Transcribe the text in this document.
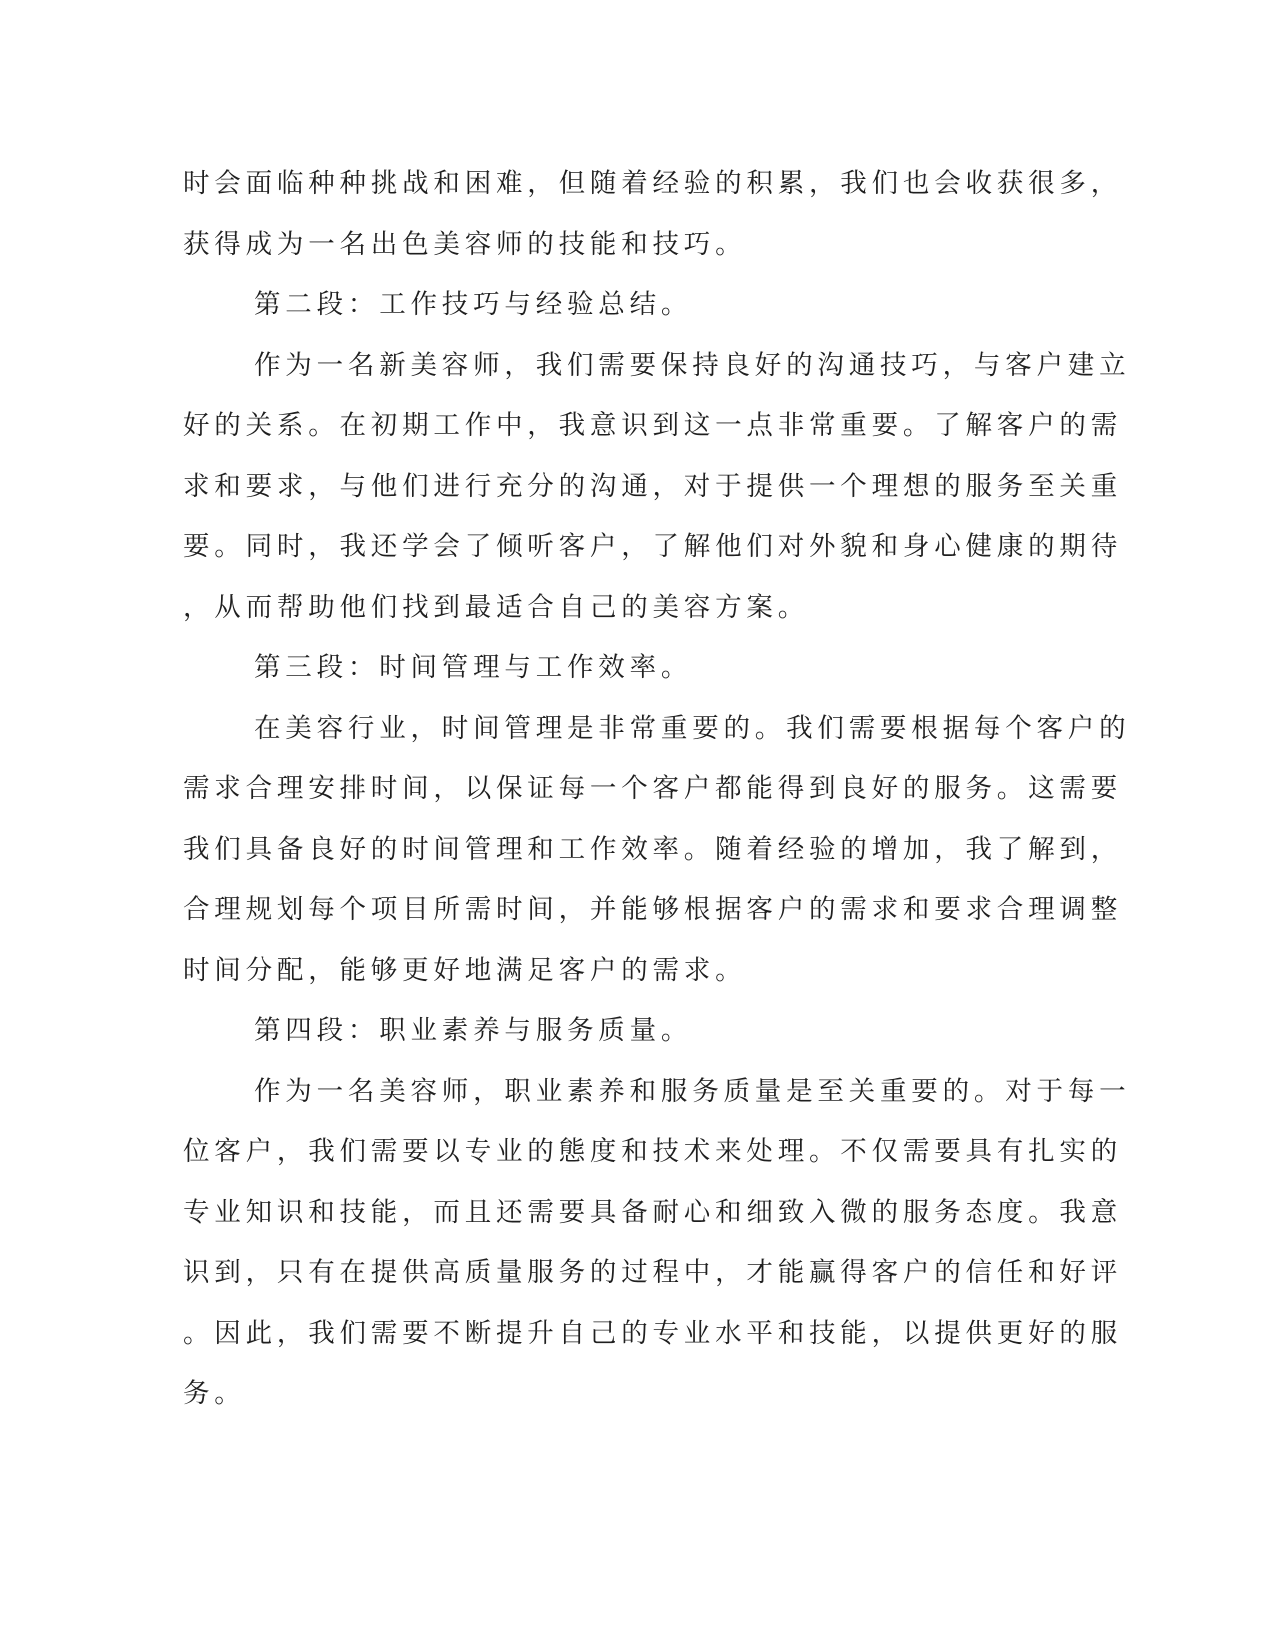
时会面临种种挑战和困难，但随着经验的积累，我们也会收获很多，
获得成为一名出色美容师的技能和技巧。
第二段：工作技巧与经验总结。
作为一名新美容师，我们需要保持良好的沟通技巧，与客户建立
好的关系。在初期工作中，我意识到这一点非常重要。了解客户的需
求和要求，与他们进行充分的沟通，对于提供一个理想的服务至关重
要。同时，我还学会了倾听客户，了解他们对外貌和身心健康的期待
，从而帮助他们找到最适合自己的美容方案。
第三段：时间管理与工作效率。
在美容行业，时间管理是非常重要的。我们需要根据每个客户的
需求合理安排时间，以保证每一个客户都能得到良好的服务。这需要
我们具备良好的时间管理和工作效率。随着经验的增加，我了解到，
合理规划每个项目所需时间，并能够根据客户的需求和要求合理调整
时间分配，能够更好地满足客户的需求。
第四段：职业素养与服务质量。
作为一名美容师，职业素养和服务质量是至关重要的。对于每一
位客户，我们需要以专业的態度和技术来处理。不仅需要具有扎实的
专业知识和技能，而且还需要具备耐心和细致入微的服务态度。我意
识到，只有在提供高质量服务的过程中，才能赢得客户的信任和好评
。因此，我们需要不断提升自己的专业水平和技能，以提供更好的服
务。
